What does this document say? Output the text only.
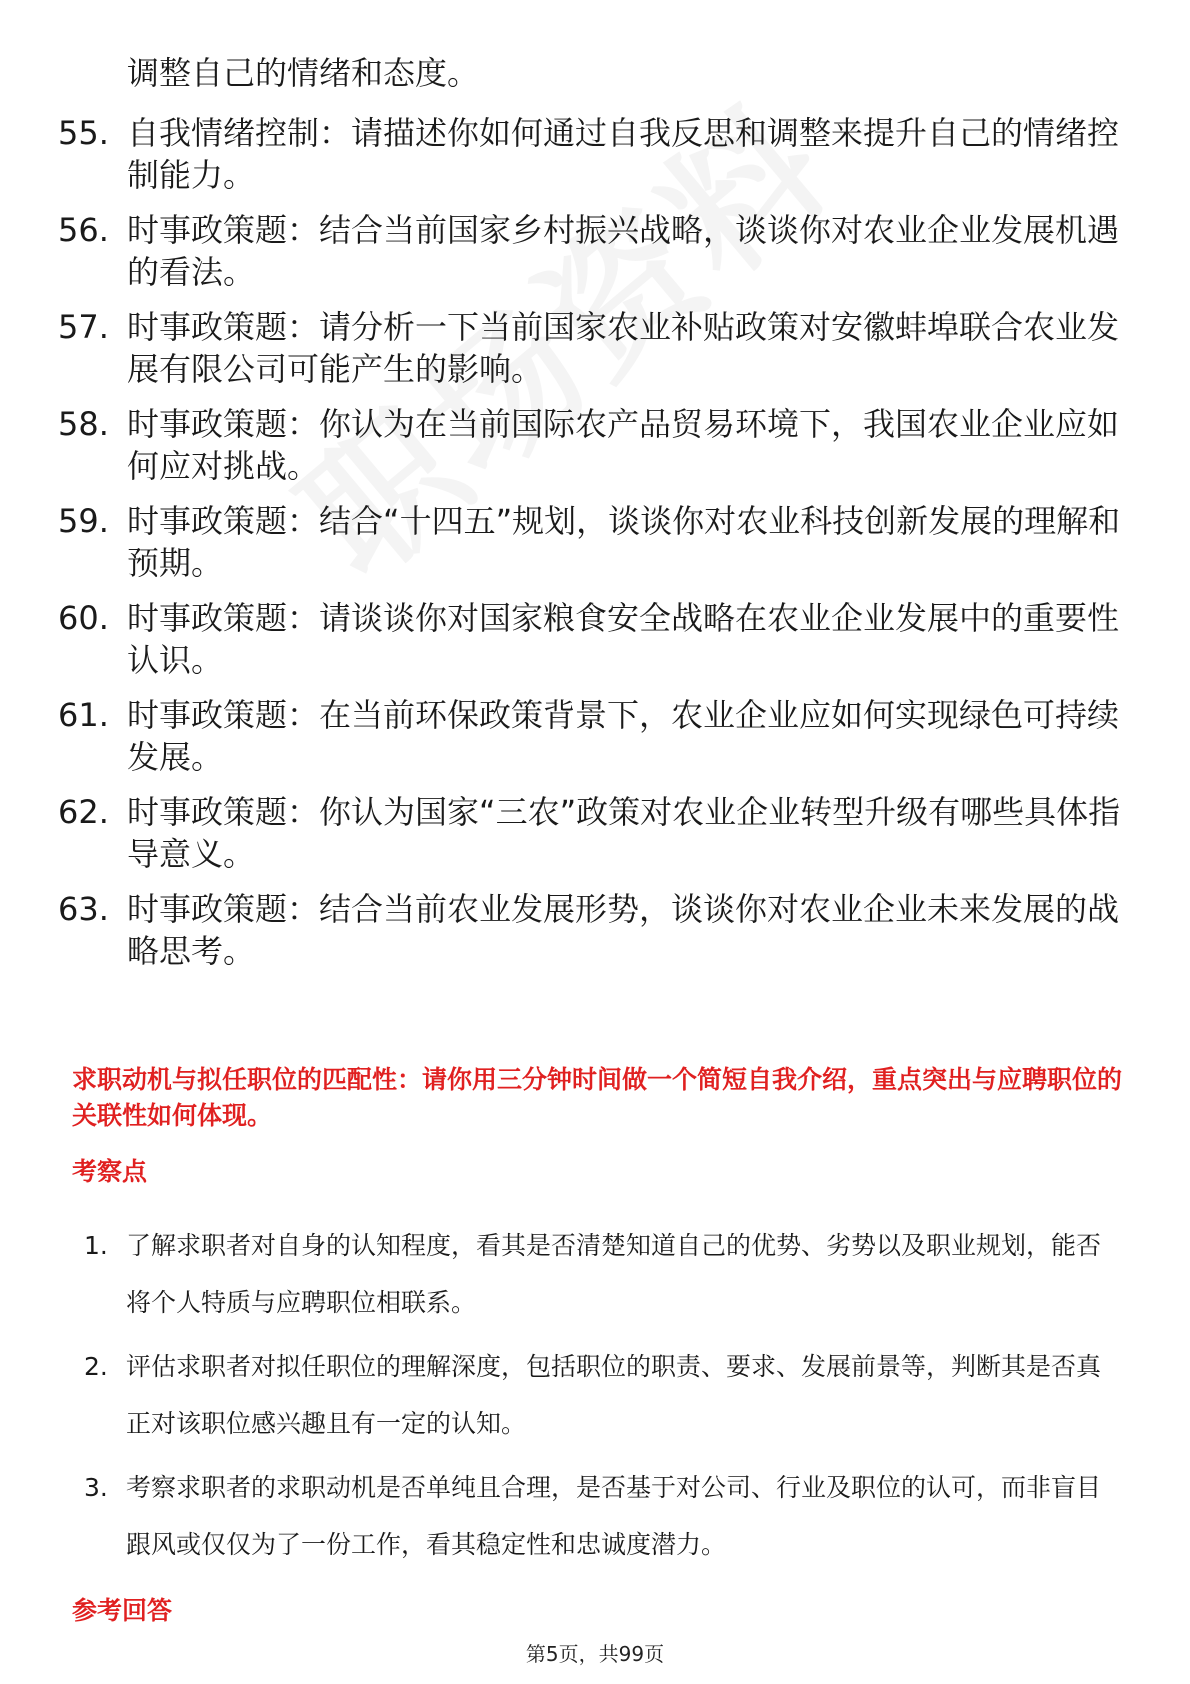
调整自己的情绪和态度。
55. 自我情绪控制：请描述你如何通过自我反思和调整来提升自己的情绪控制能力。
56. 时事政策题：结合当前国家乡村振兴战略，谈谈你对农业企业发展机遇的看法。
57. 时事政策题：请分析一下当前国家农业补贴政策对安徽蚌埠联合农业发展有限公司可能产生的影响。
58. 时事政策题：你认为在当前国际农产品贸易环境下，我国农业企业应如何应对挑战。
59. 时事政策题：结合“十四五”规划，谈谈你对农业科技创新发展的理解和预期。
60. 时事政策题：请谈谈你对国家粮食安全战略在农业企业发展中的重要性认识。
61. 时事政策题：在当前环保政策背景下，农业企业应如何实现绿色可持续发展。
62. 时事政策题：你认为国家“三农”政策对农业企业转型升级有哪些具体指导意义。
63. 时事政策题：结合当前农业发展形势，谈谈你对农业企业未来发展的战略思考。
求职动机与拟任职位的匹配性：请你用三分钟时间做一个简短自我介绍，重点突出与应聘职位的关联性如何体现。
考察点
1. 了解求职者对自身的认知程度，看其是否清楚知道自己的优势、劣势以及职业规划，能否将个人特质与应聘职位相联系。
2. 评估求职者对拟任职位的理解深度，包括职位的职责、要求、发展前景等，判断其是否真正对该职位感兴趣且有一定的认知。
3. 考察求职者的求职动机是否单纯且合理，是否基于对公司、行业及职位的认可，而非盲目跟风或仅仅为了一份工作，看其稳定性和忠诚度潜力。
参考回答
第5页，共99页
